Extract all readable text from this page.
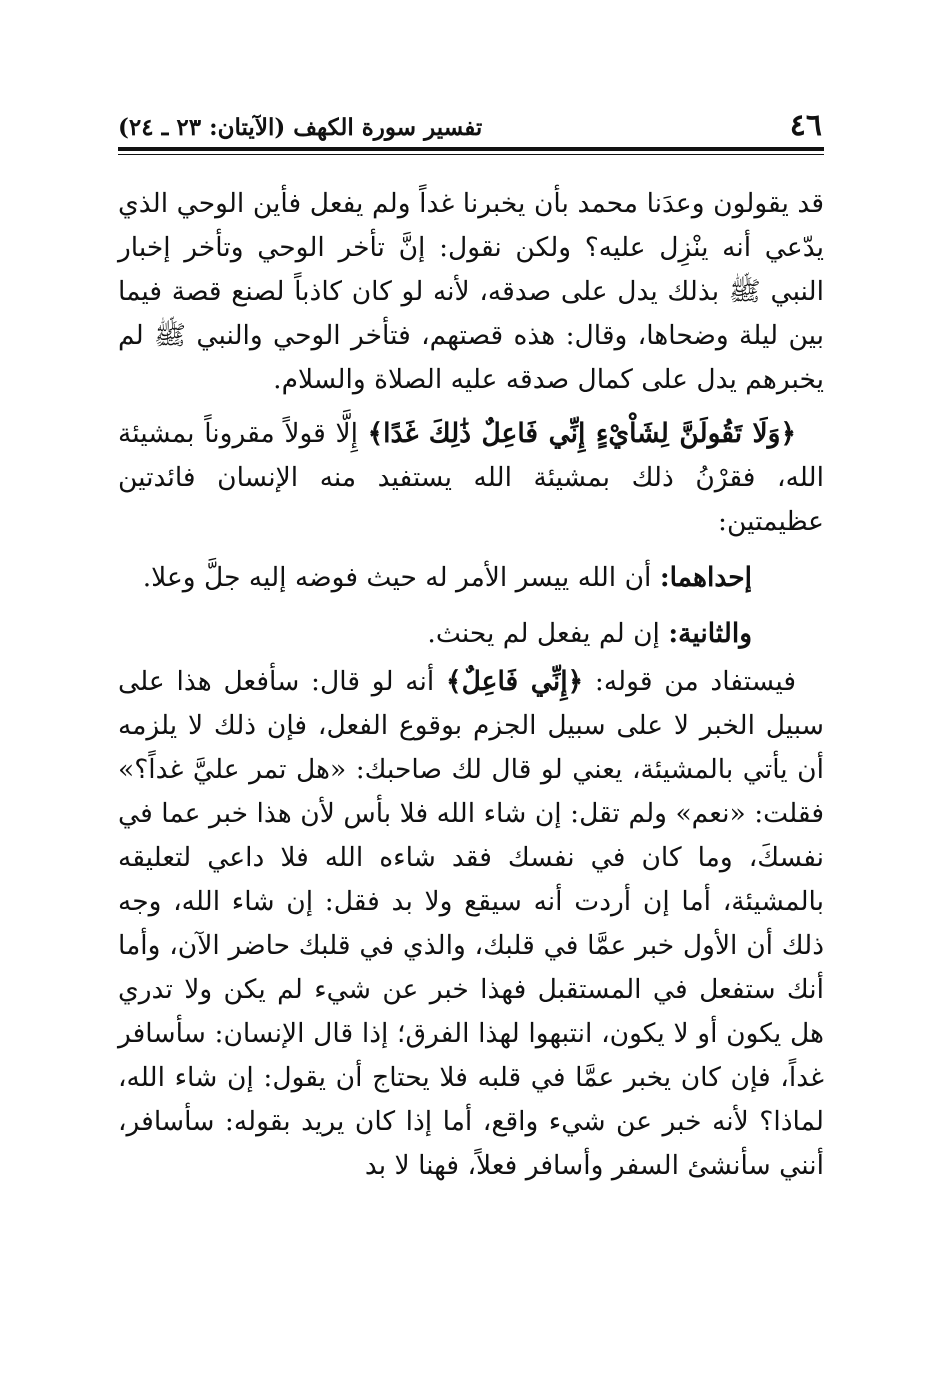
٤٦
تفسير سورة الكهف (الآيتان: ٢٣ ـ ٢٤)

قد يقولون وعدَنا محمد بأن يخبرنا غداً ولم يفعل فأين الوحي الذي يدّعي أنه ينْزِل عليه؟ ولكن نقول: إنَّ تأخر الوحي وتأخر إخبار النبي ﷺ بذلك يدل على صدقه، لأنه لو كان كاذباً لصنع قصة فيما بين ليلة وضحاها، وقال: هذه قصتهم، فتأخر الوحي والنبي ﷺ لم يخبرهم يدل على كمال صدقه عليه الصلاة والسلام.

﴿وَلَا تَقُولَنَّ لِشَاْيْءٍ إِنِّي فَاعِلٌ ذَٰلِكَ غَدًا﴾ إِلَّا قولاً مقروناً بمشيئة الله، فقرْنُ ذلك بمشيئة الله يستفيد منه الإنسان فائدتين عظيمتين:

إحداهما: أن الله ييسر الأمر له حيث فوضه إليه جلَّ وعلا.

والثانية: إن لم يفعل لم يحنث.

فيستفاد من قوله: ﴿إِنِّي فَاعِلٌ﴾ أنه لو قال: سأفعل هذا على سبيل الخبر لا على سبيل الجزم بوقوع الفعل، فإن ذلك لا يلزمه أن يأتي بالمشيئة، يعني لو قال لك صاحبك: «هل تمر عليَّ غداً؟» فقلت: «نعم» ولم تقل: إن شاء الله فلا بأس لأن هذا خبر عما في نفسكَ، وما كان في نفسك فقد شاءه الله فلا داعي لتعليقه بالمشيئة، أما إن أردت أنه سيقع ولا بد فقل: إن شاء الله، وجه ذلك أن الأول خبر عمَّا في قلبك، والذي في قلبك حاضر الآن، وأما أنك ستفعل في المستقبل فهذا خبر عن شيء لم يكن ولا تدري هل يكون أو لا يكون، انتبهوا لهذا الفرق؛ إذا قال الإنسان: سأسافر غداً، فإن كان يخبر عمَّا في قلبه فلا يحتاج أن يقول: إن شاء الله، لماذا؟ لأنه خبر عن شيء واقع، أما إذا كان يريد بقوله: سأسافر، أنني سأنشئ السفر وأسافر فعلاً، فهنا لا بد
